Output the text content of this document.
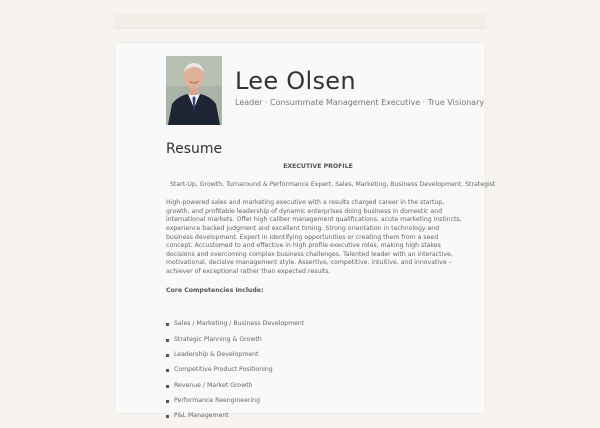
Lee Olsen
Leader · Consummate Management Executive · True Visionary
Resume
EXECUTIVE PROFILE
Start-Up, Growth, Turnaround & Performance Expert, Sales, Marketing, Business Development, Strategist

High-powered sales and marketing executive with a results charged career in the startup, growth, and profitable leadership of dynamic enterprises doing business in domestic and international markets. Offer high caliber management qualifications, acute marketing instincts, experience backed judgment and excellent timing. Strong orientation in technology and business development. Expert in identifying opportunities or creating them from a seed concept. Accustomed to and effective in high profile executive roles, making high stakes decisions and overcoming complex business challenges. Talented leader with an interactive, motivational, decisive management style. Assertive, competitive, intuitive, and innovative – achiever of exceptional rather than expected results.

Core Competencies Include:
Sales / Marketing / Business Development
Strategic Planning & Growth
Leadership & Development
Competitive Product Positioning
Revenue / Market Growth
Performance Reengineering
P&L Management
